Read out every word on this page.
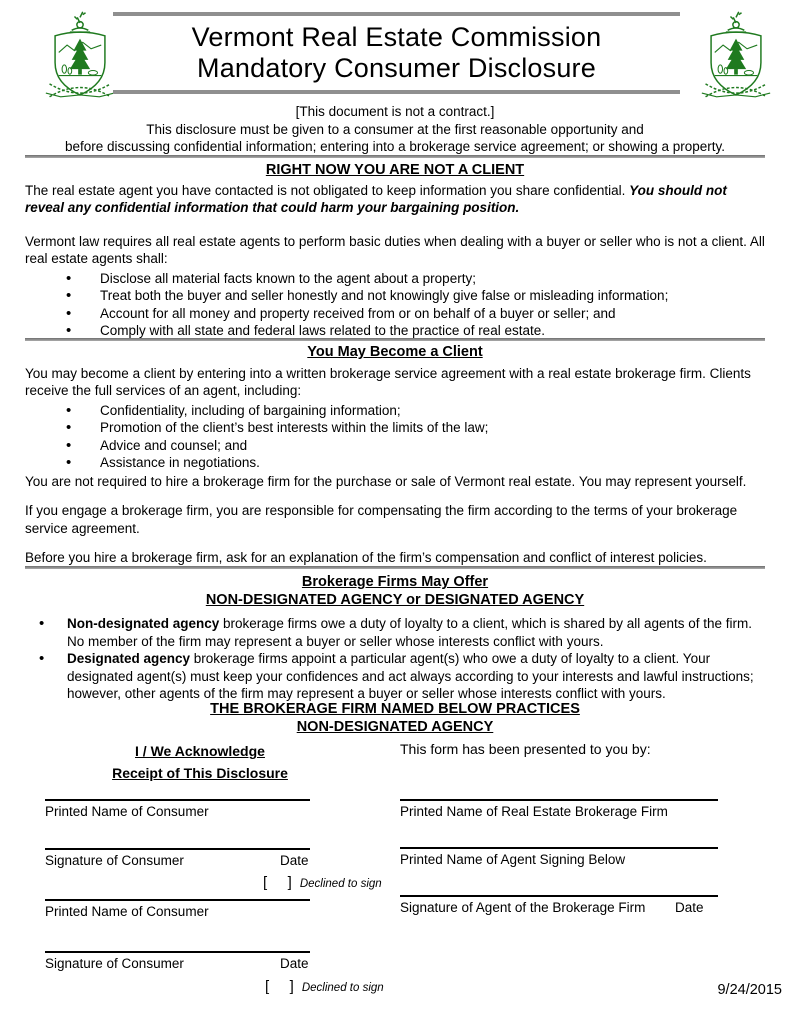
Vermont Real Estate Commission
Mandatory Consumer Disclosure
[This document is not a contract.]
This disclosure must be given to a consumer at the first reasonable opportunity and
before discussing confidential information; entering into a brokerage service agreement; or showing a property.
RIGHT NOW YOU ARE NOT A CLIENT

The real estate agent you have contacted is not obligated to keep information you share confidential. You should not reveal any confidential information that could harm your bargaining position.

Vermont law requires all real estate agents to perform basic duties when dealing with a buyer or seller who is not a client. All real estate agents shall:

• Disclose all material facts known to the agent about a property;
• Treat both the buyer and seller honestly and not knowingly give false or misleading information;
• Account for all money and property received from or on behalf of a buyer or seller; and
• Comply with all state and federal laws related to the practice of real estate.
You May Become a Client

You may become a client by entering into a written brokerage service agreement with a real estate brokerage firm. Clients receive the full services of an agent, including:

• Confidentiality, including of bargaining information;
• Promotion of the client’s best interests within the limits of the law;
• Advice and counsel; and
• Assistance in negotiations.

You are not required to hire a brokerage firm for the purchase or sale of Vermont real estate. You may represent yourself.

If you engage a brokerage firm, you are responsible for compensating the firm according to the terms of your brokerage service agreement.

Before you hire a brokerage firm, ask for an explanation of the firm’s compensation and conflict of interest policies.

Brokerage Firms May Offer
NON-DESIGNATED AGENCY or DESIGNATED AGENCY
• Non-designated agency brokerage firms owe a duty of loyalty to a client, which is shared by all agents of the firm. No member of the firm may represent a buyer or seller whose interests conflict with yours.
• Designated agency brokerage firms appoint a particular agent(s) who owe a duty of loyalty to a client. Your designated agent(s) must keep your confidences and act always according to your interests and lawful instructions; however, other agents of the firm may represent a buyer or seller whose interests conflict with yours.
THE BROKERAGE FIRM NAMED BELOW PRACTICES
NON-DESIGNATED AGENCY
I / We Acknowledge
Receipt of This Disclosure
This form has been presented to you by:
Printed Name of Consumer
Signature of Consumer	Date
[   ] Declined to sign
Printed Name of Consumer
Signature of Consumer	Date
[   ] Declined to sign
Printed Name of Real Estate Brokerage Firm
Printed Name of Agent Signing Below
Signature of Agent of the Brokerage Firm Date
9/24/2015
